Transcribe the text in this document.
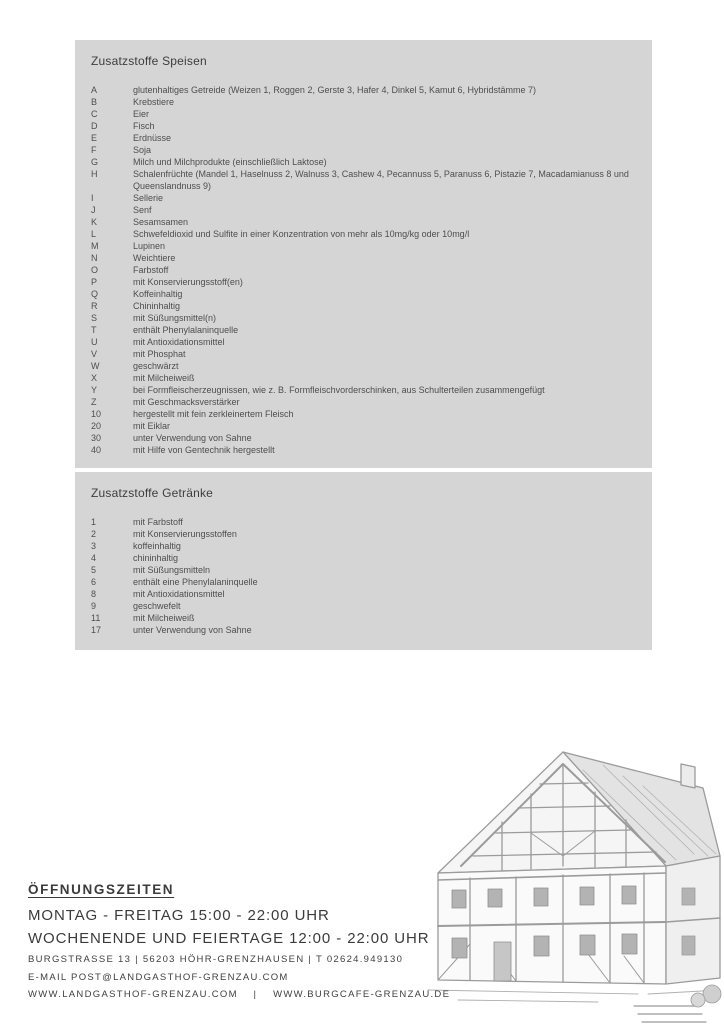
Zusatzstoffe Speisen
A	glutenhaltiges Getreide (Weizen 1, Roggen 2, Gerste 3, Hafer 4, Dinkel 5, Kamut 6, Hybridstämme 7)
B	Krebstiere
C	Eier
D	Fisch
E	Erdnüsse
F	Soja
G	Milch und Milchprodukte (einschließlich Laktose)
H	Schalenfrüchte (Mandel 1, Haselnuss 2, Walnuss 3, Cashew 4, Pecannuss 5, Paranuss 6, Pistazie 7, Macadamianuss 8 und Queenslandnuss 9)
I	Sellerie
J	Senf
K	Sesamsamen
L	Schwefeldioxid und Sulfite in einer Konzentration von mehr als 10mg/kg oder 10mg/l
M	Lupinen
N	Weichtiere
O	Farbstoff
P	mit Konservierungsstoff(en)
Q	Koffeinhaltig
R	Chininhaltig
S	mit Süßungsmittel(n)
T	enthält Phenylalaninquelle
U	mit Antioxidationsmittel
V	mit Phosphat
W	geschwärzt
X	mit Milcheiweiß
Y	bei Formfleischerzeugnissen, wie z. B. Formfleischvorderschinken, aus Schulterteilen zusammengefügt
Z	mit Geschmacksverstärker
10	hergestellt mit fein zerkleinertem Fleisch
20	mit Eiklar
30	unter Verwendung von Sahne
40	mit Hilfe von Gentechnik hergestellt
Zusatzstoffe Getränke
1	mit Farbstoff
2	mit Konservierungsstoffen
3	koffeinhaltig
4	chininhaltig
5	mit Süßungsmitteln
6	enthält eine Phenylalaninquelle
8	mit Antioxidationsmittel
9	geschwefelt
11	mit Milcheiweiß
17	unter Verwendung von Sahne
ÖFFNUNGSZEITEN
MONTAG - FREITAG 15:00 - 22:00 UHR
WOCHENENDE UND FEIERTAGE 12:00 - 22:00 UHR
BURGSTRASSE 13 | 56203 HÖHR-GRENZHAUSEN | T 02624.949130
E-MAIL POST@LANDGASTHOF-GRENZAU.COM
WWW.LANDGASTHOF-GRENZAU.COM    |    WWW.BURGCAFE-GRENZAU.DE
